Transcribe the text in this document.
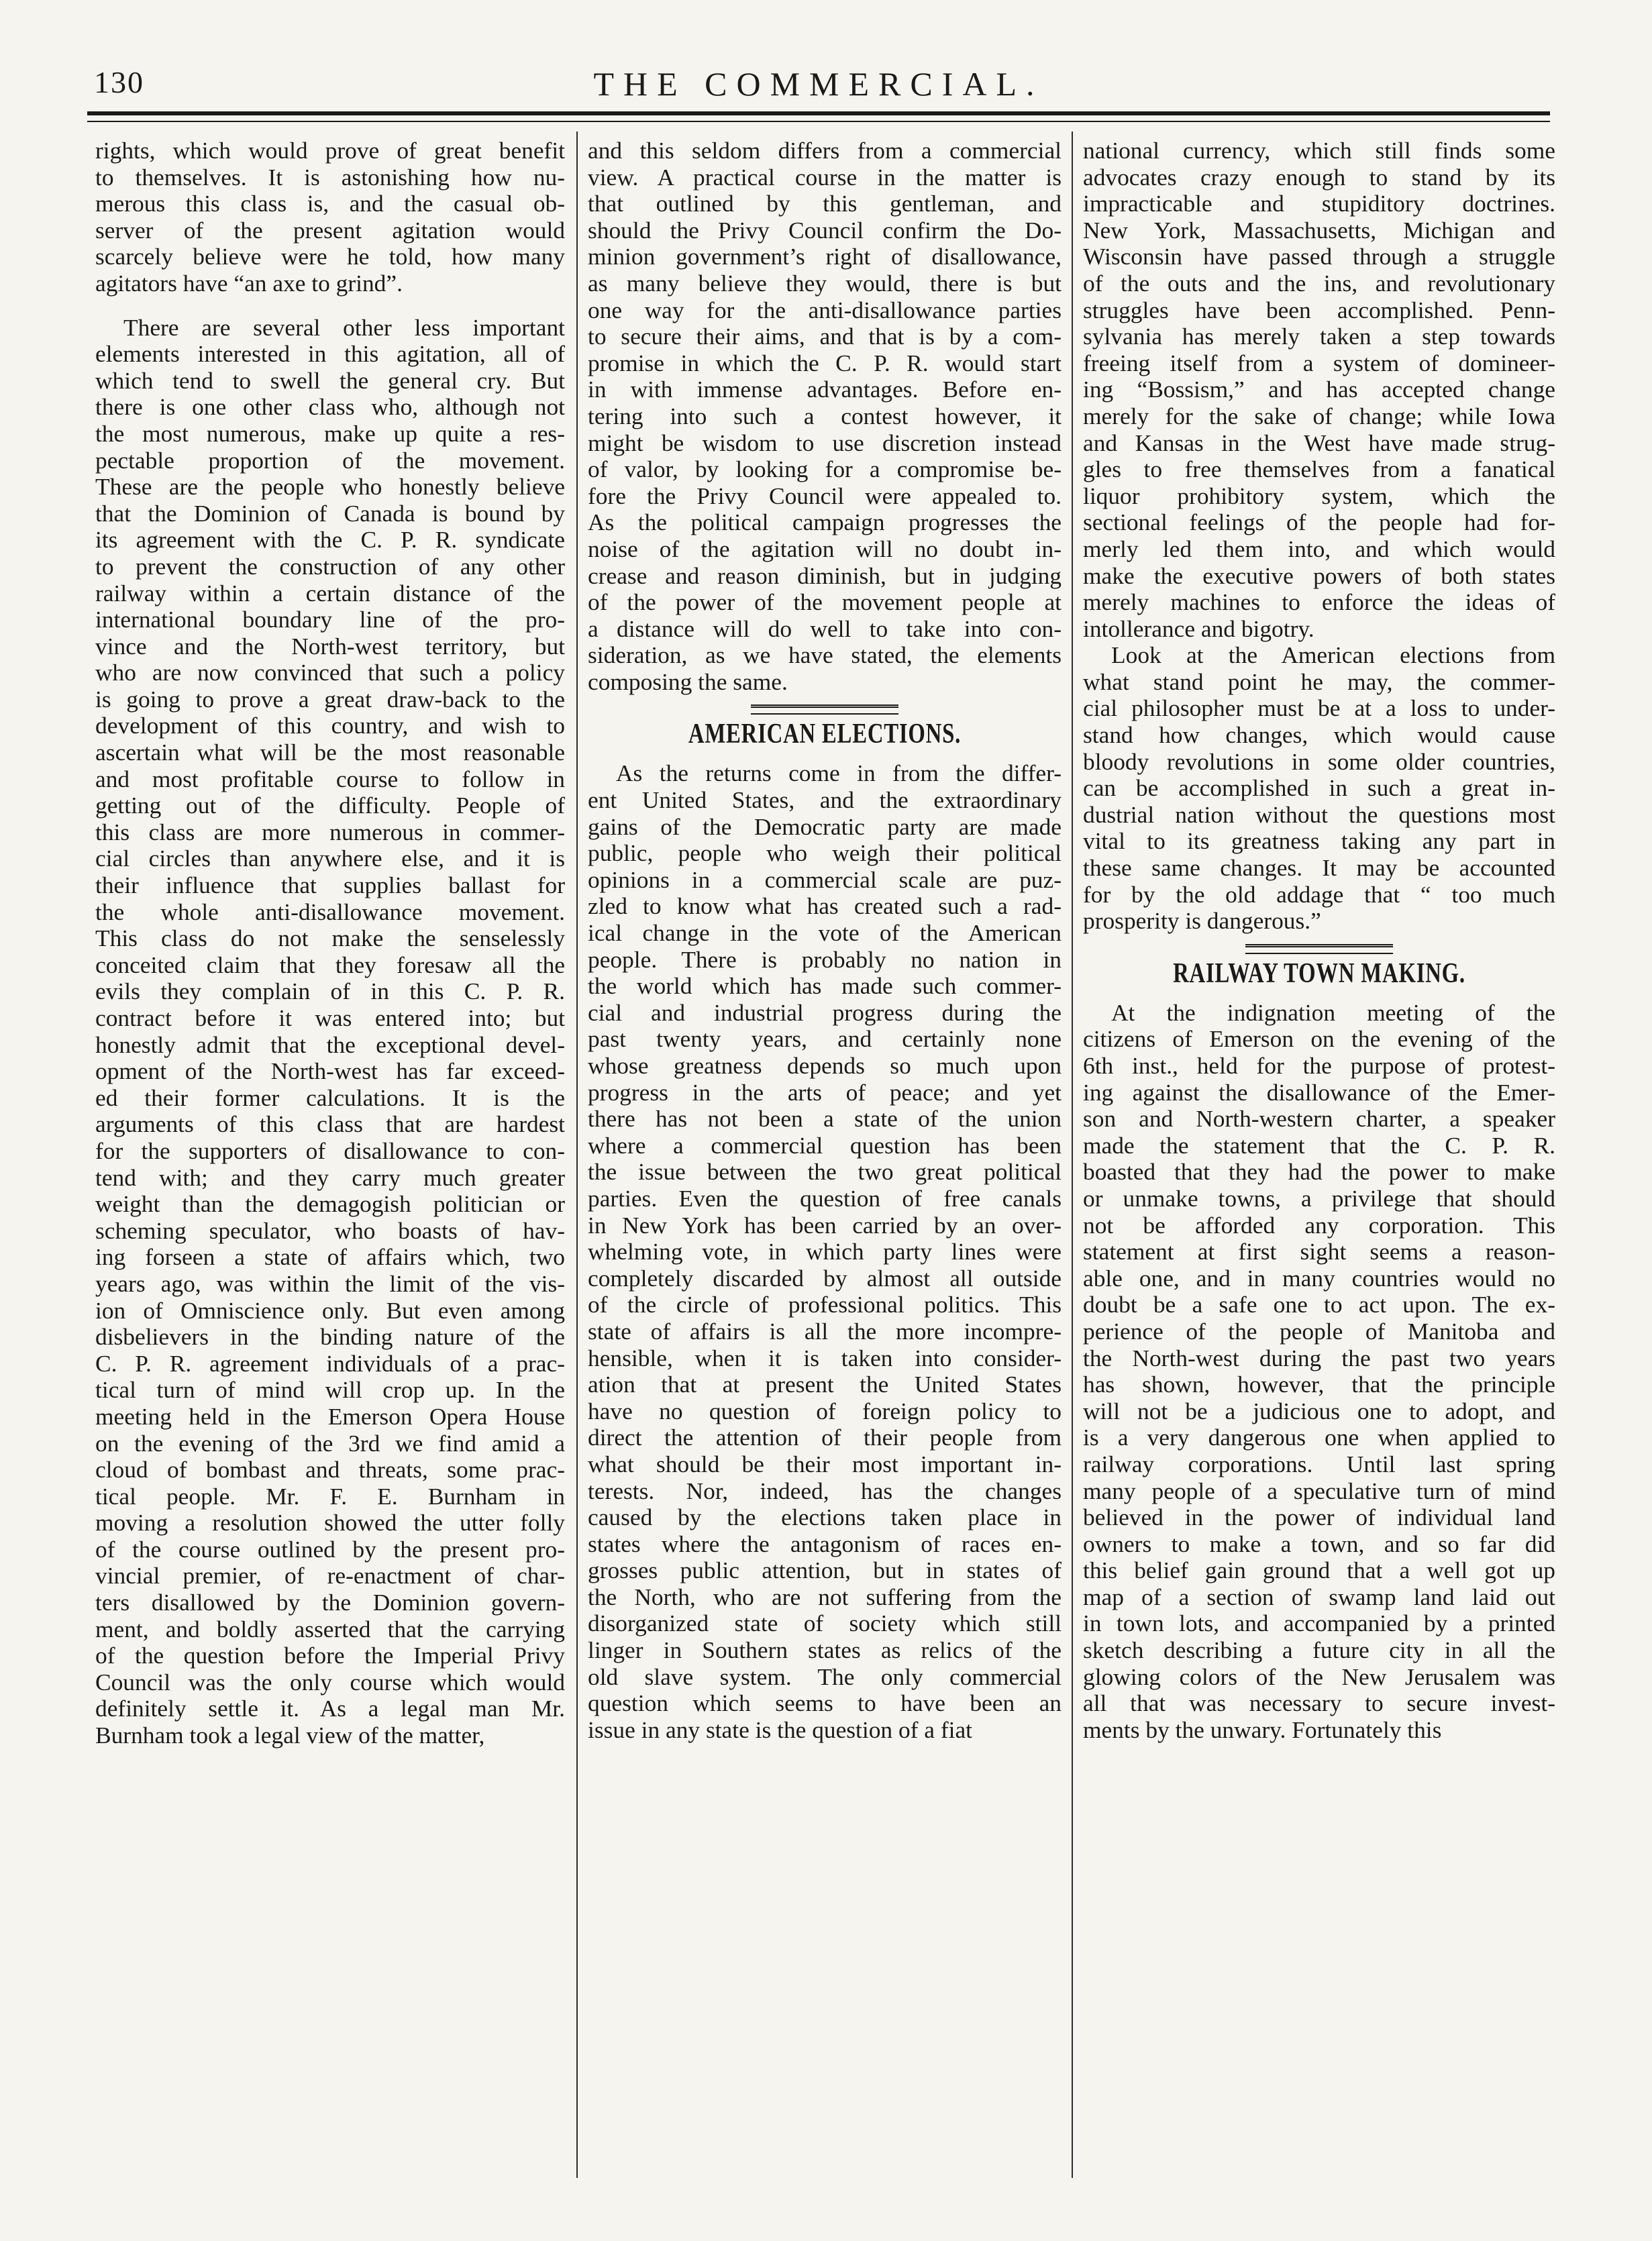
130	THE COMMERCIAL.
rights, which would prove of great benefit
to themselves. It is astonishing how nu-
merous this class is, and the casual ob-
server of the present agitation would
scarcely believe were he told, how many
agitators have “an axe to grind”.
There are several other less important
elements interested in this agitation, all of
which tend to swell the general cry. But
there is one other class who, although not
the most numerous, make up quite a res-
pectable proportion of the movement.
These are the people who honestly believe
that the Dominion of Canada is bound by
its agreement with the C. P. R. syndicate
to prevent the construction of any other
railway within a certain distance of the
international boundary line of the pro-
vince and the North-west territory, but
who are now convinced that such a policy
is going to prove a great draw-back to the
development of this country, and wish to
ascertain what will be the most reasonable
and most profitable course to follow in
getting out of the difficulty. People of
this class are more numerous in commer-
cial circles than anywhere else, and it is
their influence that supplies ballast for
the whole anti-disallowance movement.
This class do not make the senselessly
conceited claim that they foresaw all the
evils they complain of in this C. P. R.
contract before it was entered into; but
honestly admit that the exceptional devel-
opment of the North-west has far exceed-
ed their former calculations. It is the
arguments of this class that are hardest
for the supporters of disallowance to con-
tend with; and they carry much greater
weight than the demagogish politician or
scheming speculator, who boasts of hav-
ing forseen a state of affairs which, two
years ago, was within the limit of the vis-
ion of Omniscience only. But even among
disbelievers in the binding nature of the
C. P. R. agreement individuals of a prac-
tical turn of mind will crop up. In the
meeting held in the Emerson Opera House
on the evening of the 3rd we find amid a
cloud of bombast and threats, some prac-
tical people. Mr. F. E. Burnham in
moving a resolution showed the utter folly
of the course outlined by the present pro-
vincial premier, of re-enactment of char-
ters disallowed by the Dominion govern-
ment, and boldly asserted that the carrying
of the question before the Imperial Privy
Council was the only course which would
definitely settle it. As a legal man Mr.
Burnham took a legal view of the matter,
and this seldom differs from a commercial
view. A practical course in the matter is
that outlined by this gentleman, and
should the Privy Council confirm the Do-
minion government’s right of disallowance,
as many believe they would, there is but
one way for the anti-disallowance parties
to secure their aims, and that is by a com-
promise in which the C. P. R. would start
in with immense advantages. Before en-
tering into such a contest however, it
might be wisdom to use discretion instead
of valor, by looking for a compromise be-
fore the Privy Council were appealed to.
As the political campaign progresses the
noise of the agitation will no doubt in-
crease and reason diminish, but in judging
of the power of the movement people at
a distance will do well to take into con-
sideration, as we have stated, the elements
composing the same.
AMERICAN ELECTIONS.
As the returns come in from the differ-
ent United States, and the extraordinary
gains of the Democratic party are made
public, people who weigh their political
opinions in a commercial scale are puz-
zled to know what has created such a rad-
ical change in the vote of the American
people. There is probably no nation in
the world which has made such commer-
cial and industrial progress during the
past twenty years, and certainly none
whose greatness depends so much upon
progress in the arts of peace; and yet
there has not been a state of the union
where a commercial question has been
the issue between the two great political
parties. Even the question of free canals
in New York has been carried by an over-
whelming vote, in which party lines were
completely discarded by almost all outside
of the circle of professional politics. This
state of affairs is all the more incompre-
hensible, when it is taken into consider-
ation that at present the United States
have no question of foreign policy to
direct the attention of their people from
what should be their most important in-
terests. Nor, indeed, has the changes
caused by the elections taken place in
states where the antagonism of races en-
grosses public attention, but in states of
the North, who are not suffering from the
disorganized state of society which still
linger in Southern states as relics of the
old slave system. The only commercial
question which seems to have been an
issue in any state is the question of a fiat
national currency, which still finds some
advocates crazy enough to stand by its
impracticable and stupiditory doctrines.
New York, Massachusetts, Michigan and
Wisconsin have passed through a struggle
of the outs and the ins, and revolutionary
struggles have been accomplished. Penn-
sylvania has merely taken a step towards
freeing itself from a system of domineer-
ing “Bossism,” and has accepted change
merely for the sake of change; while Iowa
and Kansas in the West have made strug-
gles to free themselves from a fanatical
liquor prohibitory system, which the
sectional feelings of the people had for-
merly led them into, and which would
make the executive powers of both states
merely machines to enforce the ideas of
intollerance and bigotry.
Look at the American elections from
what stand point he may, the commer-
cial philosopher must be at a loss to under-
stand how changes, which would cause
bloody revolutions in some older countries,
can be accomplished in such a great in-
dustrial nation without the questions most
vital to its greatness taking any part in
these same changes. It may be accounted
for by the old addage that “ too much
prosperity is dangerous.”
RAILWAY TOWN MAKING.
At the indignation meeting of the
citizens of Emerson on the evening of the
6th inst., held for the purpose of protest-
ing against the disallowance of the Emer-
son and North-western charter, a speaker
made the statement that the C. P. R.
boasted that they had the power to make
or unmake towns, a privilege that should
not be afforded any corporation. This
statement at first sight seems a reason-
able one, and in many countries would no
doubt be a safe one to act upon. The ex-
perience of the people of Manitoba and
the North-west during the past two years
has shown, however, that the principle
will not be a judicious one to adopt, and
is a very dangerous one when applied to
railway corporations. Until last spring
many people of a speculative turn of mind
believed in the power of individual land
owners to make a town, and so far did
this belief gain ground that a well got up
map of a section of swamp land laid out
in town lots, and accompanied by a printed
sketch describing a future city in all the
glowing colors of the New Jerusalem was
all that was necessary to secure invest-
ments by the unwary. Fortunately this
